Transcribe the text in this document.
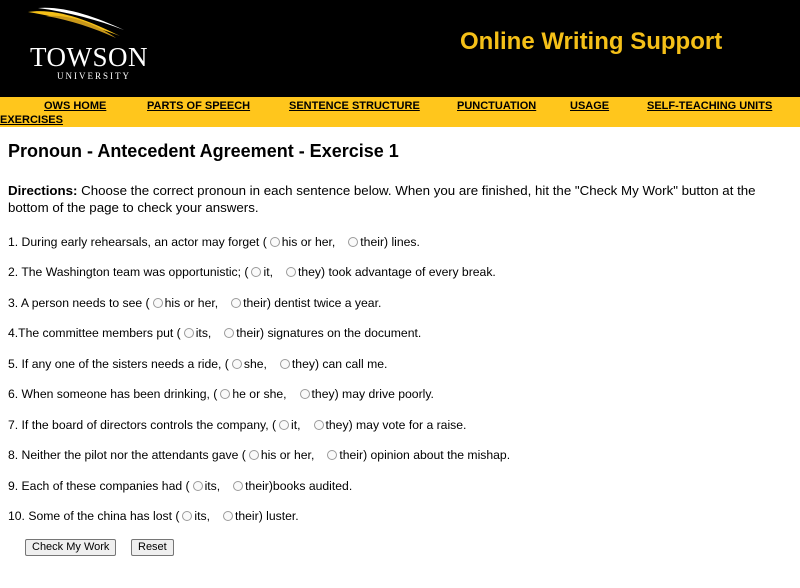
TOWSON
UNIVERSITY
Online Writing Support
OWS HOME	PARTS OF SPEECH	SENTENCE STRUCTURE	PUNCTUATION	USAGE	SELF-TEACHING UNITS
EXERCISES
Pronoun - Antecedent Agreement - Exercise 1

Directions: Choose the correct pronoun in each sentence below. When you are finished, hit the "Check My Work" button at the bottom of the page to check your answers.

1. During early rehearsals, an actor may forget ( his or her, their ) lines.
2. The Washington team was opportunistic; ( it, they ) took advantage of every break.
3. A person needs to see ( his or her, their ) dentist twice a year.
4.The committee members put ( its, their ) signatures on the document.
5. If any one of the sisters needs a ride, ( she, they ) can call me.
6. When someone has been drinking, ( he or she, they ) may drive poorly.
7. If the board of directors controls the company, ( it, they ) may vote for a raise.
8. Neither the pilot nor the attendants gave ( his or her, their ) opinion about the mishap.
9. Each of these companies had ( its, their )books audited.
10. Some of the china has lost ( its, their ) luster.
Check My Work	Reset
